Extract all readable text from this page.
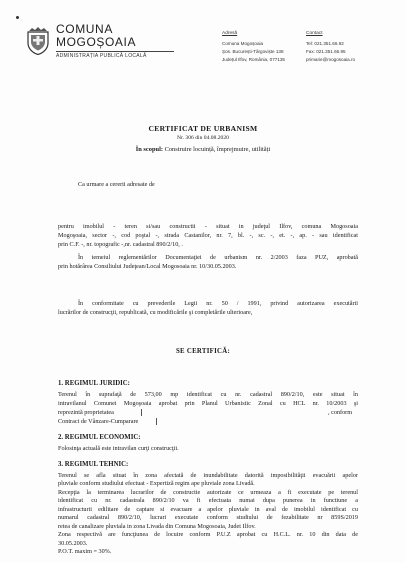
COMUNA
MOGOȘOAIA
ADMINISTRAȚIA PUBLICĂ LOCALĂ
Adresă
Comuna Mogoșoaia
Șos. București-Târgoviște 138
Județul Ilfov, România, 077135
Contact
Tel: 021.351.66.92
Fax: 021.351.66.95
primarie@mogosoaia.ro
CERTIFICAT DE URBANISM
Nr. 306 din 04.08.2020
În scopul: Construire locuință, împrejmuire, utilități
Ca urmare a cererii adresate de
pentru imobilul - teren si/sau constructii - situat in judeţul Ilfov, comuna Mogosoaia
Mogoşoaia, sector -, cod poştal -, strada Castanilor, nr. 7, bl. -, sc. -, et. -, ap. - sau identificat
prin C.F. -, nr. topografic -,nr. cadastral 890/2/10, .
În temeiul reglementărilor Documentaţiei de urbanism nr. 2/2003 faza PUZ, aprobată
prin hotărârea Consiliului Judeţean/Local Mogosoaia nr. 10/30.05.2003.
În conformitate cu prevederile Legii nr. 50 / 1991, privind autorizarea executării
lucrărilor de construcţii, republicată, cu modificările şi completările ulterioare,
SE CERTIFICĂ:
1. REGIMUL JURIDIC:
Terenul în suprafaţă de 573,00 mp identificat cu nr. cadastral 890/2/10, este situat în
intravilanul Comunei Mogoşoaia aprobat prin Planul Urbanistic Zonal cu HCL nr. 10/2003 şi
reprezintă proprietatea	, conform
Contract de Vânzare-Cumparare
2. REGIMUL ECONOMIC:
Folosinţa actuală este intravilan curţi construcţii.
3. REGIMUL TEHNIC:
Terenul se afla situat în zona afectată de inundabilitate datorită imposibilităţii evacuării apelor
pluviale conform studiului efectuat - Expertiză regim ape pluviale zona Livadă.
Recepţia la terminarea lucrarilor de constructie autorizate ce urmeaza a fi executate pe terenul
identificat cu nr. cadastrala 890/2/10 va fi efectuata numai dupa punerea in functiune a
infrastructurii edilitare de captare si evacuare a apelor pluviale in aval de imobilul identificat cu
numarul cadastral 890/2/10, lucrari executate conform studiului de fezabilitate nr 859S/2019
retea de canalizare pluviala in zona Livada din Comuna Mogosoaia, Judet Ilfov.
Zona respectivă are funcţiunea de locuire conform P.U.Z aprobat cu H.C.L. nr. 10 din data de
30.05.2003.
P.O.T. maxim = 30%.
